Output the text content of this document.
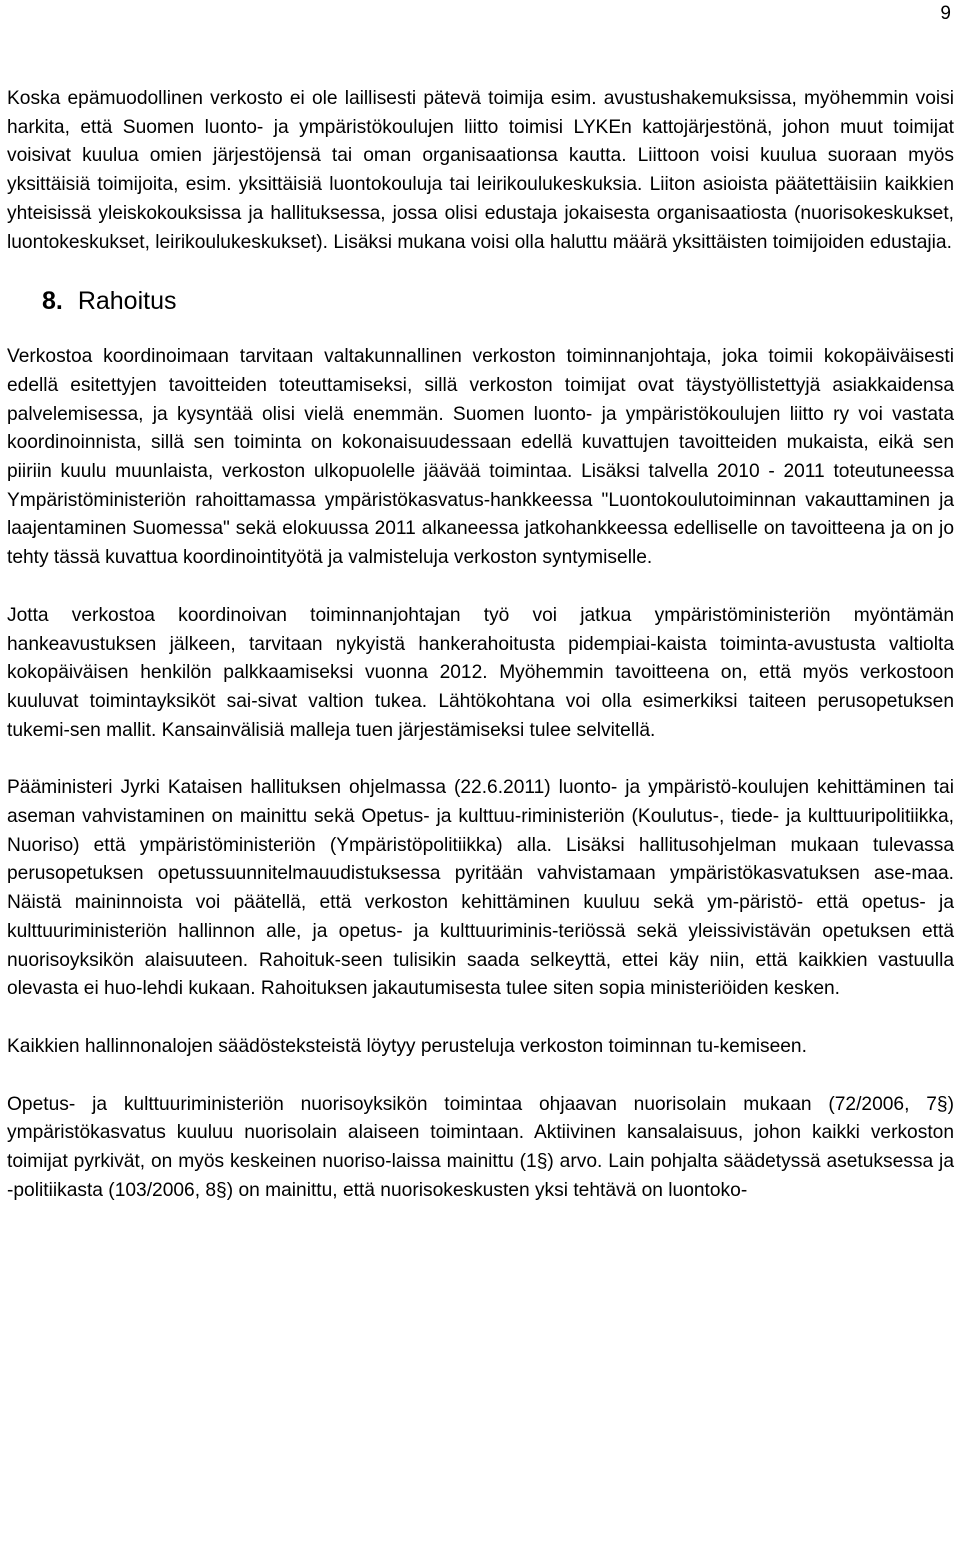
9

Koska epämuodollinen verkosto ei ole laillisesti pätevä toimija esim. avustushakemuksissa, myöhemmin voisi harkita, että Suomen luonto- ja ympäristökoulujen liitto toimisi LYKEn kattojärjestönä, johon muut toimijat voisivat kuulua omien järjestöjensä tai oman organisaationsa kautta. Liittoon voisi kuulua suoraan myös yksittäisiä toimijoita, esim. yksittäisiä luontokouluja tai leirikoulukeskuksia. Liiton asioista päätettäisiin kaikkien yhteisissä yleiskokouksissa ja hallituksessa, jossa olisi edustaja jokaisesta organisaatiosta (nuorisokeskukset, luontokeskukset, leirikoulukeskukset). Lisäksi mukana voisi olla haluttu määrä yksittäisten toimijoiden edustajia.

8. Rahoitus

Verkostoa koordinoimaan tarvitaan valtakunnallinen verkoston toiminnanjohtaja, joka toimii kokopäiväisesti edellä esitettyjen tavoitteiden toteuttamiseksi, sillä verkoston toimijat ovat täystyöllistettyjä asiakkaidensa palvelemisessa, ja kysyntää olisi vielä enemmän. Suomen luonto- ja ympäristökoulujen liitto ry voi vastata koordinoinnista, sillä sen toiminta on kokonaisuudessaan edellä kuvattujen tavoitteiden mukaista, eikä sen piiriin kuulu muunlaista, verkoston ulkopuolelle jäävää toimintaa. Lisäksi talvella 2010 - 2011 toteutuneessa Ympäristöministeriön rahoittamassa ympäristökasvatus-hankkeessa "Luontokoulutoiminnan vakauttaminen ja laajentaminen Suomessa" sekä elokuussa 2011 alkaneessa jatkohankkeessa edelliselle on tavoitteena ja on jo tehty tässä kuvattua koordinointityötä ja valmisteluja verkoston syntymiselle.

Jotta verkostoa koordinoivan toiminnanjohtajan työ voi jatkua ympäristöministeriön myöntämän hankeavustuksen jälkeen, tarvitaan nykyistä hankerahoitusta pidempiai-kaista toiminta-avustusta valtiolta kokopäiväisen henkilön palkkaamiseksi vuonna 2012. Myöhemmin tavoitteena on, että myös verkostoon kuuluvat toimintayksiköt sai-sivat valtion tukea. Lähtökohtana voi olla esimerkiksi taiteen perusopetuksen tukemi-sen mallit. Kansainvälisiä malleja tuen järjestämiseksi tulee selvitellä.

Pääministeri Jyrki Kataisen hallituksen ohjelmassa (22.6.2011) luonto- ja ympäristö-koulujen kehittäminen tai aseman vahvistaminen on mainittu sekä Opetus- ja kulttuu-riministeriön (Koulutus-, tiede- ja kulttuuripolitiikka, Nuoriso) että ympäristöministeriön (Ympäristöpolitiikka) alla. Lisäksi hallitusohjelman mukaan tulevassa perusopetuksen opetussuunnitelmauudistuksessa pyritään vahvistamaan ympäristökasvatuksen ase-maa. Näistä maininnoista voi päätellä, että verkoston kehittäminen kuuluu sekä ym-päristö- että opetus- ja kulttuuriministeriön hallinnon alle, ja opetus- ja kulttuuriminis-teriössä sekä yleissivistävän opetuksen että nuorisoyksikön alaisuuteen. Rahoituk-seen tulisikin saada selkeyttä, ettei käy niin, että kaikkien vastuulla olevasta ei huo-lehdi kukaan. Rahoituksen jakautumisesta tulee siten sopia ministeriöiden kesken.

Kaikkien hallinnonalojen säädösteksteistä löytyy perusteluja verkoston toiminnan tu-kemiseen.

Opetus- ja kulttuuriministeriön nuorisoyksikön toimintaa ohjaavan nuorisolain mukaan (72/2006, 7§) ympäristökasvatus kuuluu nuorisolain alaiseen toimintaan. Aktiivinen kansalaisuus, johon kaikki verkoston toimijat pyrkivät, on myös keskeinen nuoriso-laissa mainittu (1§) arvo. Lain pohjalta säädetyssä asetuksessa ja -politiikasta (103/2006, 8§) on mainittu, että nuorisokeskusten yksi tehtävä on luontoko-
